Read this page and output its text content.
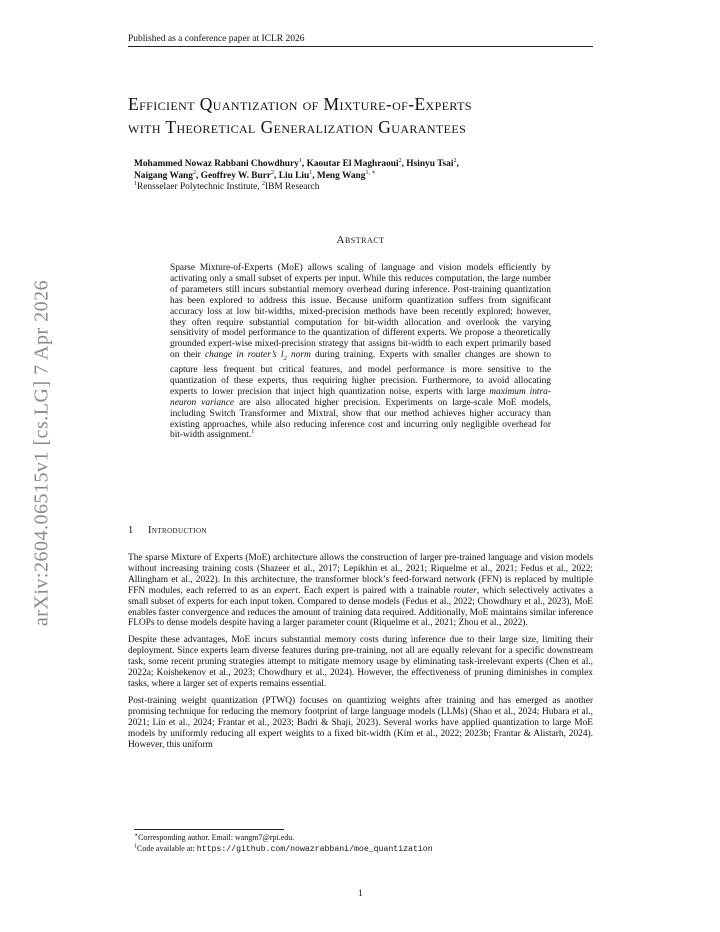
Published as a conference paper at ICLR 2026
arXiv:2604.06515v1 [cs.LG] 7 Apr 2026
Efficient Quantization of Mixture-of-Experts
with Theoretical Generalization Guarantees
Mohammed Nowaz Rabbani Chowdhury$^1$, Kaoutar El Maghraoui$^2$, Hsinyu Tsai$^2$,
Naigang Wang$^2$, Geoffrey W. Burr$^2$, Liu Liu$^1$, Meng Wang$^{1, ∗}$
$^1$Rensselaer Polytechnic Institute, $^2$IBM Research
Abstract
Sparse Mixture-of-Experts (MoE) allows scaling of language and vision models efficiently by activating only a small subset of experts per input. While this reduces computation, the large number of parameters still incurs substantial memory overhead during inference. Post-training quantization has been explored to address this issue. Because uniform quantization suffers from significant accuracy loss at low bit-widths, mixed-precision methods have been recently explored; however, they often require substantial computation for bit-width allocation and overlook the varying sensitivity of model performance to the quantization of different experts. We propose a theoretically grounded expert-wise mixed-precision strategy that assigns bit-width to each expert primarily based on their change in router’s $l_2$ norm during training. Experts with smaller changes are shown to capture less frequent but critical features, and model performance is more sensitive to the quantization of these experts, thus requiring higher precision. Furthermore, to avoid allocating experts to lower precision that inject high quantization noise, experts with large maximum intra-neuron variance are also allocated higher precision. Experiments on large-scale MoE models, including Switch Transformer and Mixtral, show that our method achieves higher accuracy than existing approaches, while also reducing inference cost and incurring only negligible overhead for bit-width assignment.$^1$
1 Introduction

The sparse Mixture of Experts (MoE) architecture allows the construction of larger pre-trained language and vision models without increasing training costs (Shazeer et al., 2017; Lepikhin et al., 2021; Riquelme et al., 2021; Fedus et al., 2022; Allingham et al., 2022). In this architecture, the transformer block’s feed-forward network (FFN) is replaced by multiple FFN modules, each referred to as an expert. Each expert is paired with a trainable router, which selectively activates a small subset of experts for each input token. Compared to dense models (Fedus et al., 2022; Chowdhury et al., 2023), MoE enables faster convergence and reduces the amount of training data required. Additionally, MoE maintains similar inference FLOPs to dense models despite having a larger parameter count (Riquelme et al., 2021; Zhou et al., 2022).

Despite these advantages, MoE incurs substantial memory costs during inference due to their large size, limiting their deployment. Since experts learn diverse features during pre-training, not all are equally relevant for a specific downstream task, some recent pruning strategies attempt to mitigate memory usage by eliminating task-irrelevant experts (Chen et al., 2022a; Koishekenov et al., 2023; Chowdhury et al., 2024). However, the effectiveness of pruning diminishes in complex tasks, where a larger set of experts remains essential.

Post-training weight quantization (PTWQ) focuses on quantizing weights after training and has emerged as another promising technique for reducing the memory footprint of large language models (LLMs) (Shao et al., 2024; Hubara et al., 2021; Lin et al., 2024; Frantar et al., 2023; Badri & Shaji, 2023). Several works have applied quantization to large MoE models by uniformly reducing all expert weights to a fixed bit-width (Kim et al., 2022; 2023b; Frantar & Alistarh, 2024). However, this uniform

∗Corresponding author. Email: wangm7@rpi.edu.
$^1$Code available at: https://github.com/nowazrabbani/moe_quantization
1
